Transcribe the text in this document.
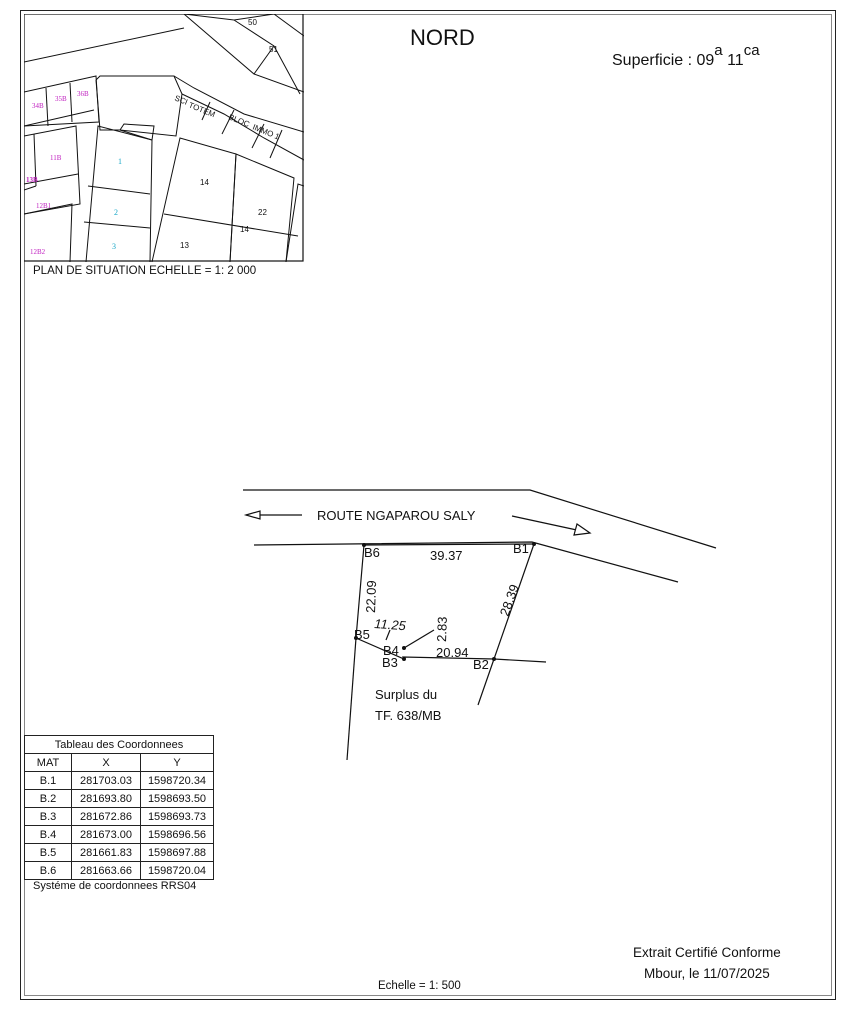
NORD
Superficie : 09a 11ca
50
51
SCI
TOTEM
BLOC
IMMO
1
14
22
13
14
34B
35B
36B
11B
13B
12B1
12B2
1
2
3
PLAN DE SITUATION ECHELLE = 1: 2 000
ROUTE NGAPAROU SALY
B1
B2
B3
B4
B5
B6	39.37
28.39
20.94
11.25 2.83
22.09
Surplus du
TF. 638/MB
Tableau des Coordonnees		
MAT	X	Y
B.1	281703.03	1598720.34
B.2	281693.80	1598693.50
B.3	281672.86	1598693.73
B.4	281673.00	1598696.56
B.5	281661.83	1598697.88
B.6	281663.66	1598720.04
Systéme de coordonnees RRS04
Extrait Certifié Conforme
Mbour, le 11/07/2025
Echelle = 1: 500
